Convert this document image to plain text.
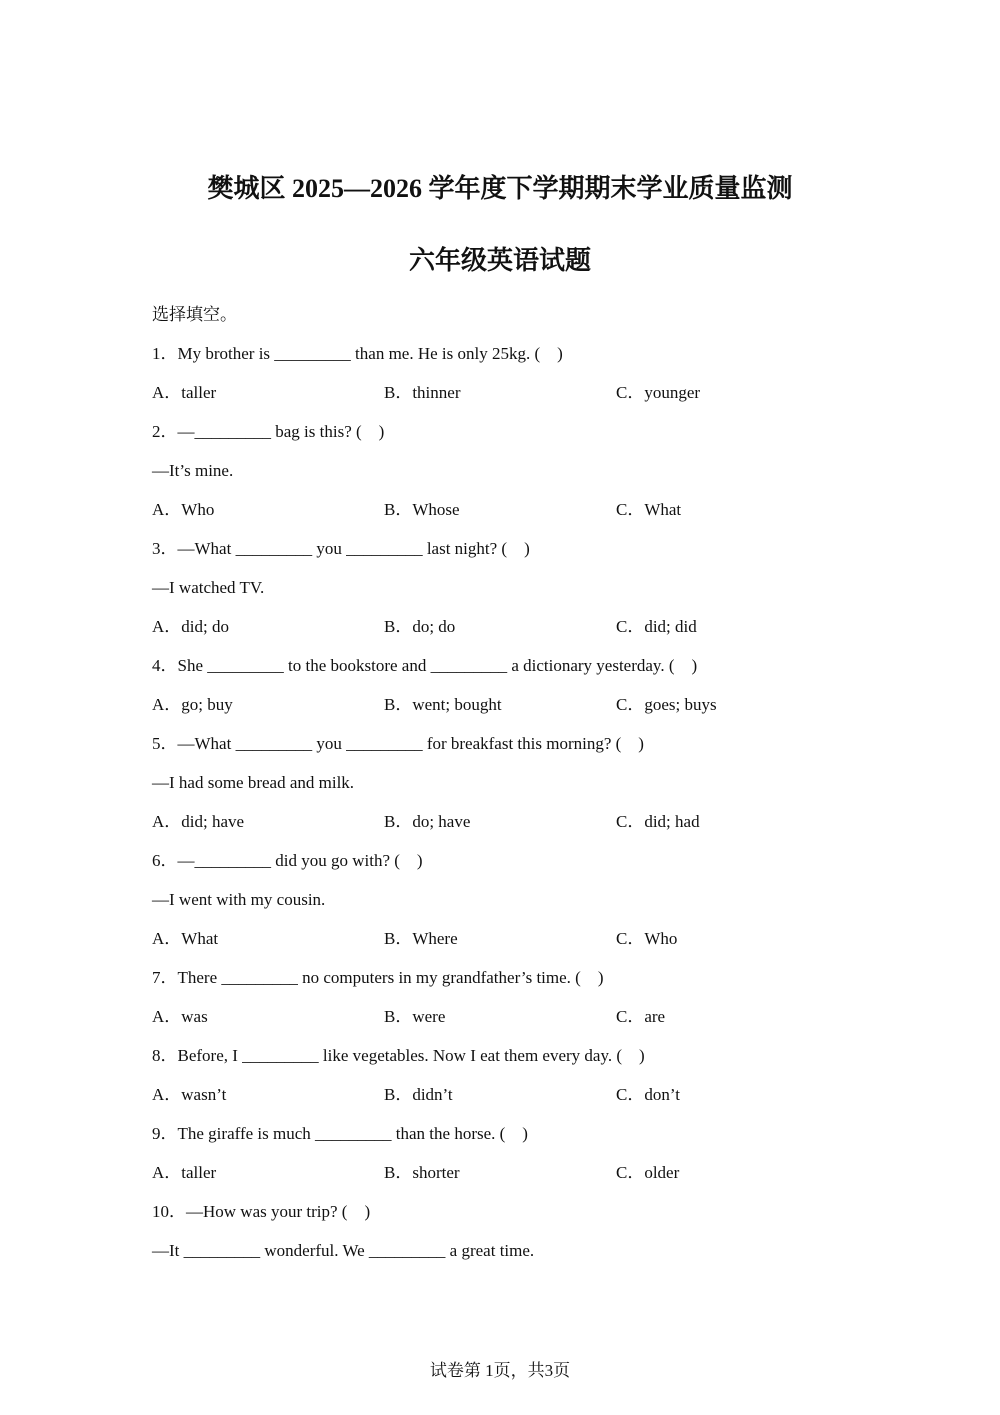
樊城区 2025—2026 学年度下学期期末学业质量监测
六年级英语试题
选择填空。
1．My brother is _________ than me. He is only 25kg. (    )
A．taller	B．thinner	C．younger
2．—_________ bag is this? (    )
—It’s mine.
A．Who	B．Whose	C．What
3．—What _________ you _________ last night? (    )
—I watched TV.
A．did; do	B．do; do	C．did; did
4．She _________ to the bookstore and _________ a dictionary yesterday. (    )
A．go; buy	B．went; bought	C．goes; buys
5．—What _________ you _________ for breakfast this morning? (    )
—I had some bread and milk.
A．did; have	B．do; have	C．did; had
6．—_________ did you go with? (    )
—I went with my cousin.
A．What	B．Where	C．Who
7．There _________ no computers in my grandfather’s time. (    )
A．was	B．were	C．are
8．Before, I _________ like vegetables. Now I eat them every day. (    )
A．wasn’t	B．didn’t	C．don’t
9．The giraffe is much _________ than the horse. (    )
A．taller	B．shorter	C．older
10．—How was your trip? (    )
—It _________ wonderful. We _________ a great time.
试卷第 1页，共3页
